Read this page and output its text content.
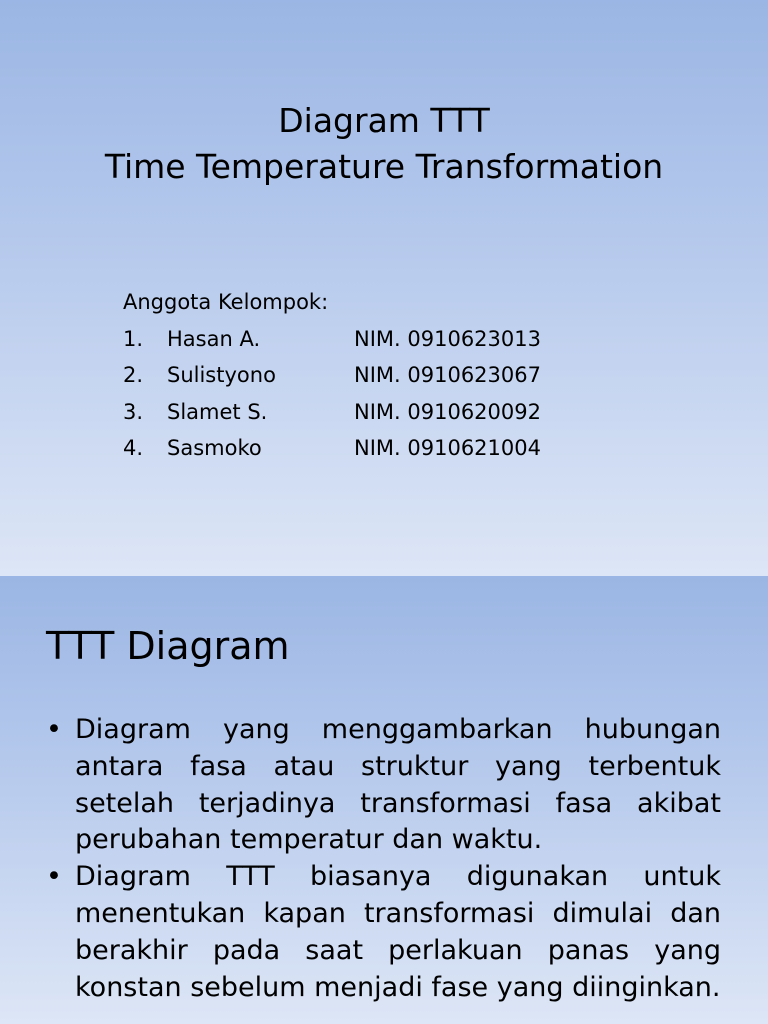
Diagram TTT
Time Temperature Transformation
Anggota Kelompok:
1. Hasan A.	NIM. 0910623013
2. Sulistyono	NIM. 0910623067
3. Slamet S.	NIM. 0910620092
4. Sasmoko	NIM. 0910621004
TTT Diagram
• Diagram yang menggambarkan hubungan antara fasa atau struktur yang terbentuk setelah terjadinya transformasi fasa akibat perubahan temperatur dan waktu.
• Diagram TTT biasanya digunakan untuk menentukan kapan transformasi dimulai dan berakhir pada saat perlakuan panas yang konstan sebelum menjadi fase yang diinginkan.
